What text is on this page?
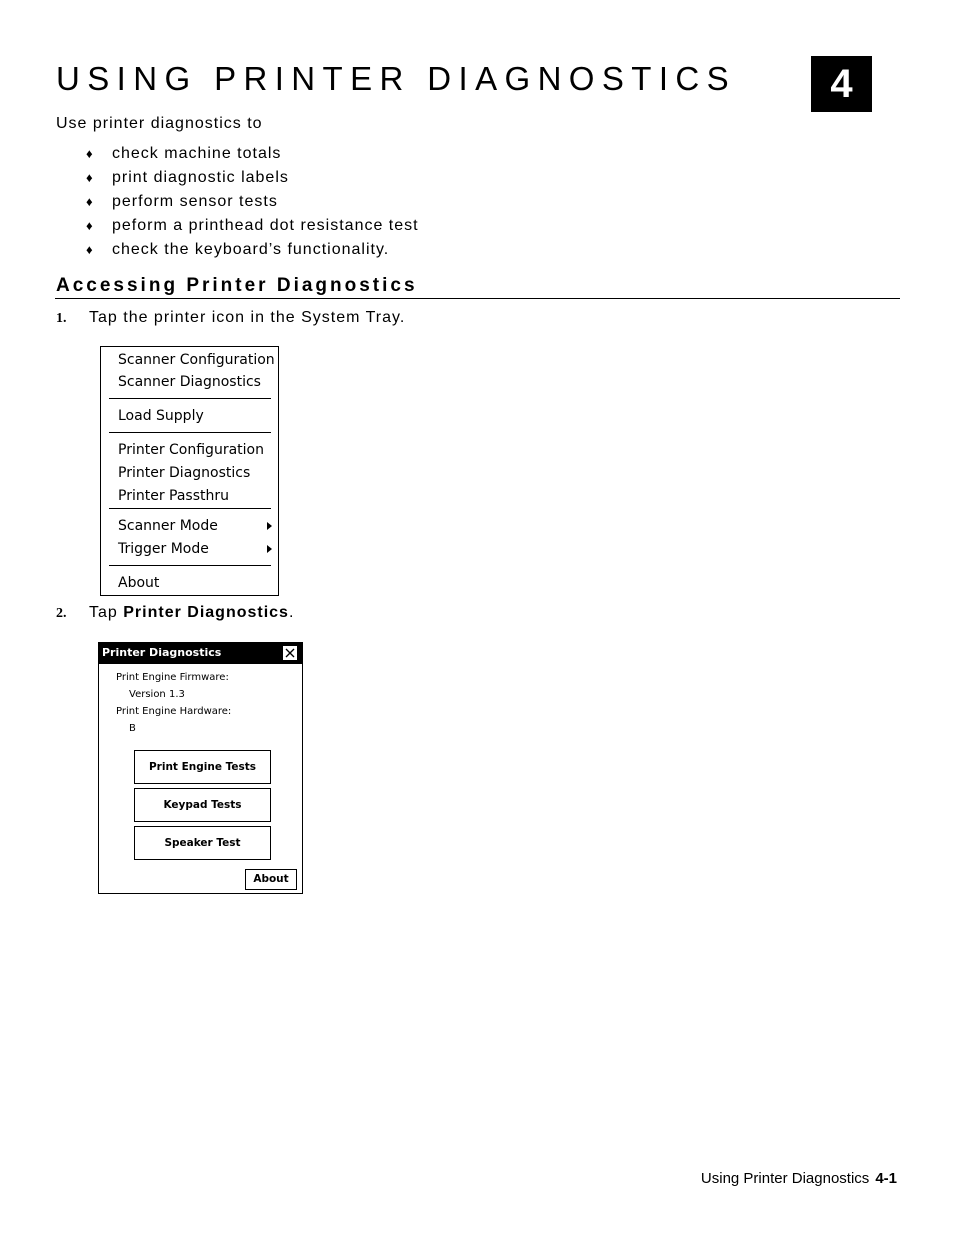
USING PRINTER DIAGNOSTICS	4
Use printer diagnostics to
♦ check machine totals
♦ print diagnostic labels
♦ perform sensor tests
♦ peform a printhead dot resistance test
♦ check the keyboard’s functionality.
Accessing Printer Diagnostics
1. Tap the printer icon in the System Tray.
Scanner Configuration
Scanner Diagnostics
Load Supply
Printer Configuration
Printer Diagnostics
Printer Passthru
Scanner Mode
Trigger Mode
About
2. Tap Printer Diagnostics.
Printer Diagnostics
Print Engine Firmware:
Version 1.3
Print Engine Hardware:
B
Print Engine Tests
Keypad Tests
Speaker Test
About
Using Printer Diagnostics 4-1
